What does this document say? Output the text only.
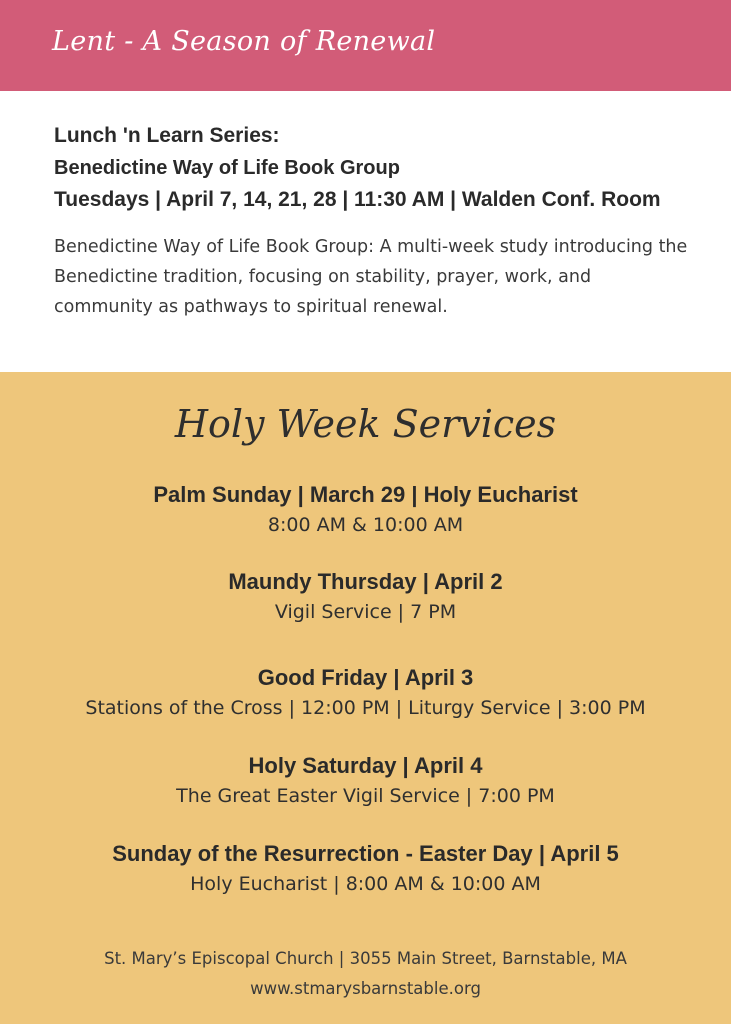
Lent - A Season of Renewal
Lunch 'n Learn Series:
Benedictine Way of Life Book Group
Tuesdays | April 7, 14, 21, 28 | 11:30 AM | Walden Conf. Room
Benedictine Way of Life Book Group: A multi-week study introducing the Benedictine tradition, focusing on stability, prayer, work, and community as pathways to spiritual renewal.
Holy Week Services
Palm Sunday | March 29 | Holy Eucharist
8:00 AM & 10:00 AM
Maundy Thursday | April 2
Vigil Service | 7 PM
Good Friday | April 3
Stations of the Cross | 12:00 PM | Liturgy Service | 3:00 PM
Holy Saturday | April 4
The Great Easter Vigil Service | 7:00 PM
Sunday of the Resurrection - Easter Day | April 5
Holy Eucharist | 8:00 AM & 10:00 AM
St. Mary’s Episcopal Church | 3055 Main Street, Barnstable, MA
www.stmarysbarnstable.org
